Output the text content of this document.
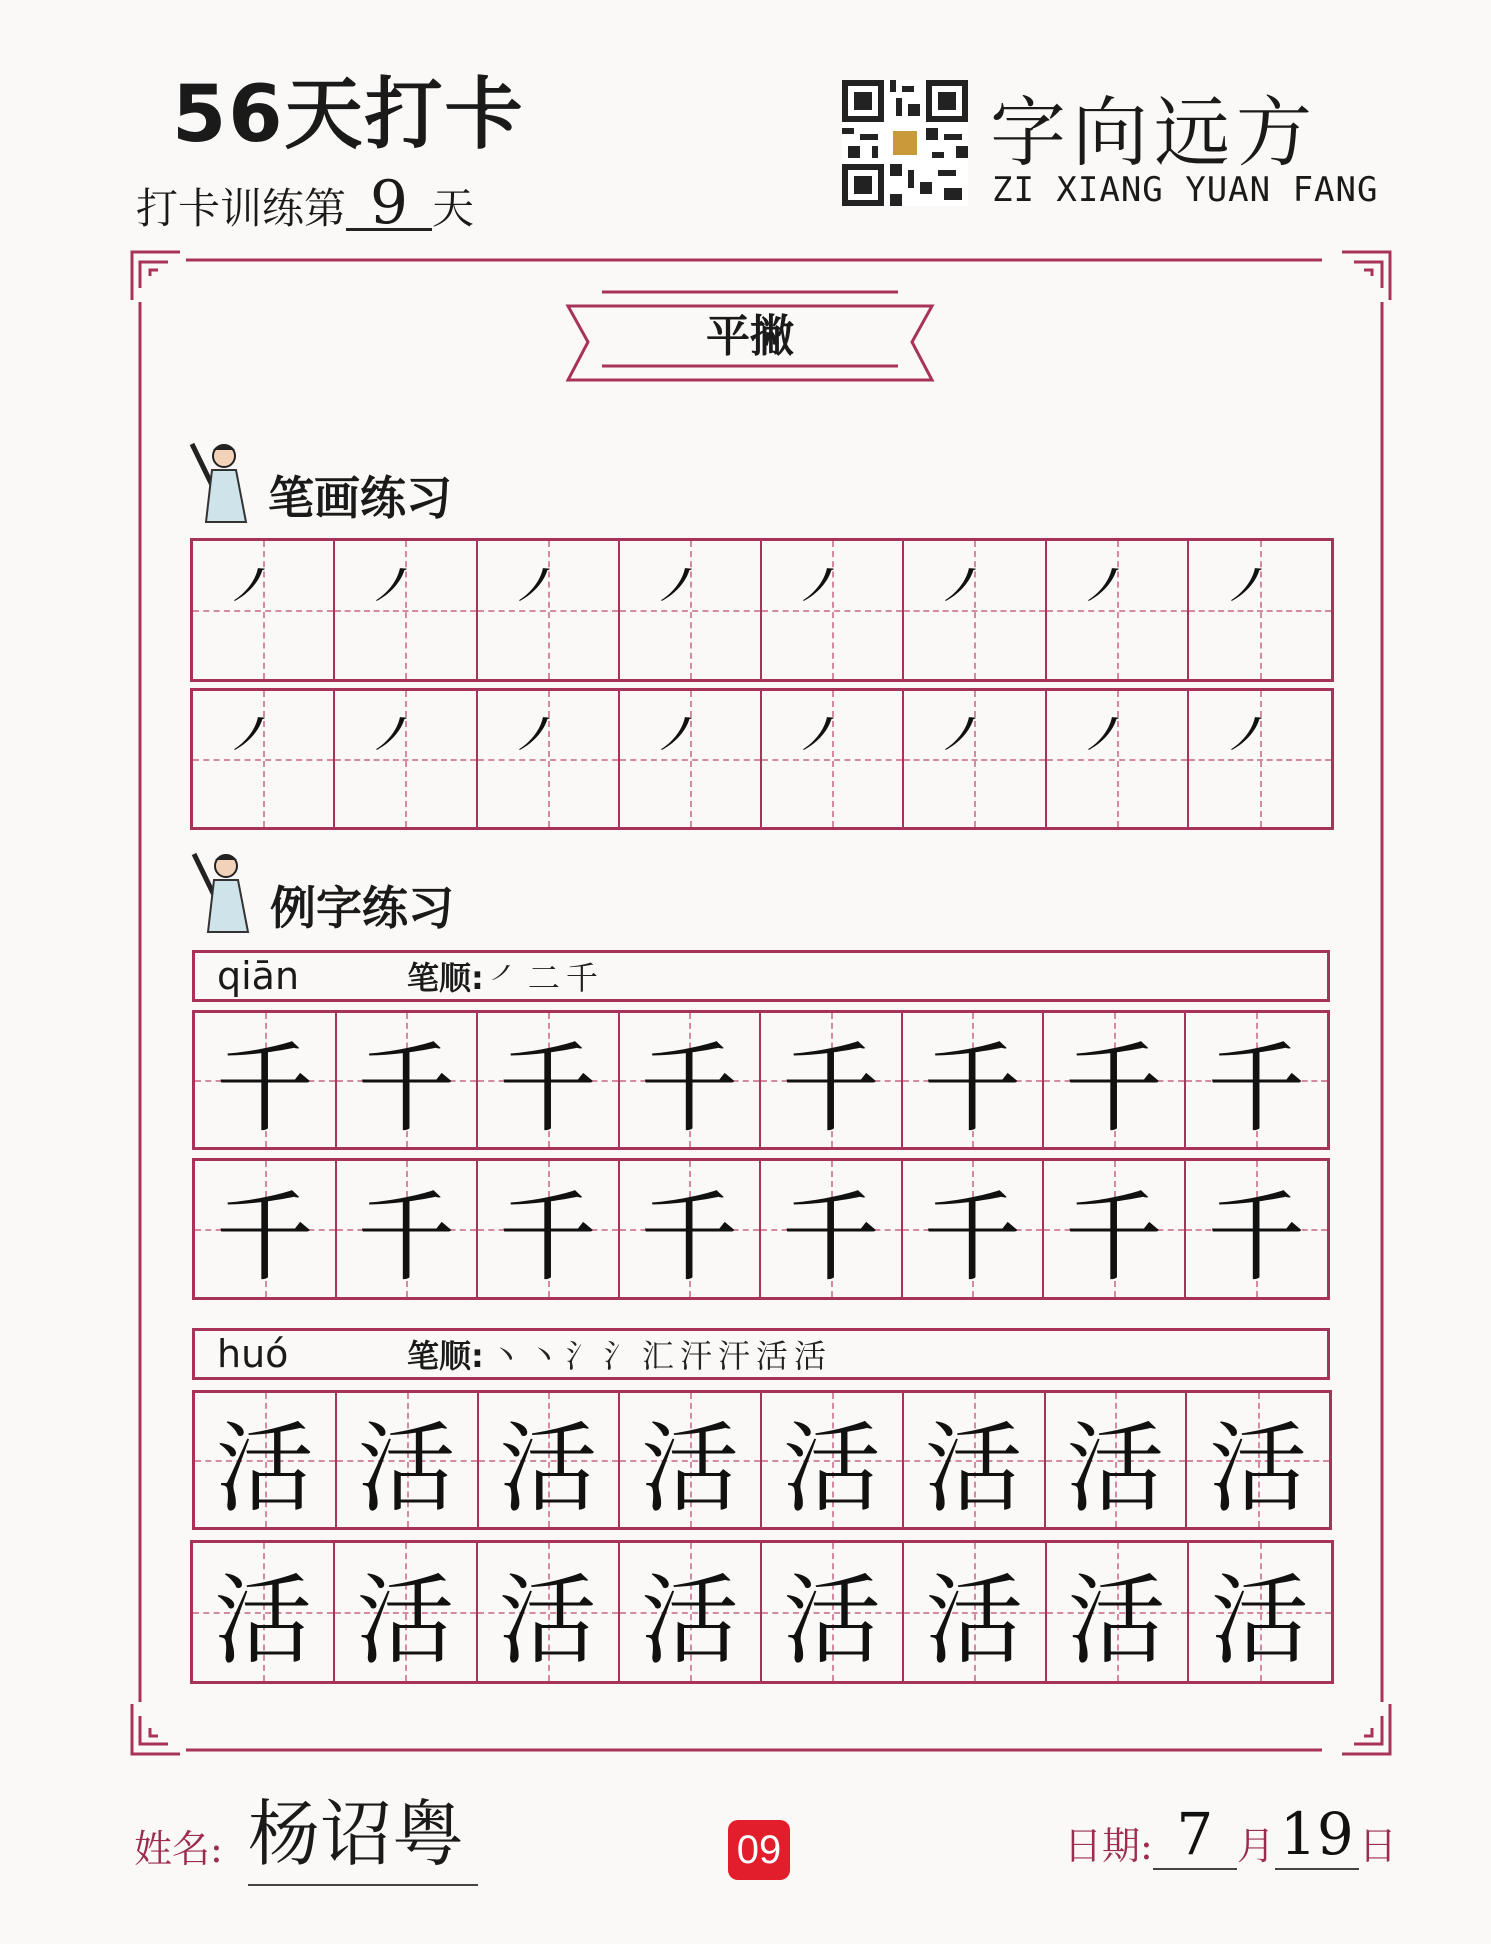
56天打卡
打卡训练第 9 天
字向远方
ZI XIANG YUAN FANG
平撇
笔画练习
㇒	㇒	㇒	㇒	㇒	㇒	㇒	㇒
㇒	㇒	㇒	㇒	㇒	㇒	㇒	㇒
例字练习
qiān	笔顺: ㇒ 二 千
千 千 千 千 千 千 千 千
千 千 千 千 千 千 千 千
huó	笔顺: 丶 丶 氵 氵 汇 汗 汗 活 活
活 活 活 活 活 活 活 活
活 活 活 活 活 活 活 活
姓名: 杨诏粤	09	日期: 7 月 19 日
